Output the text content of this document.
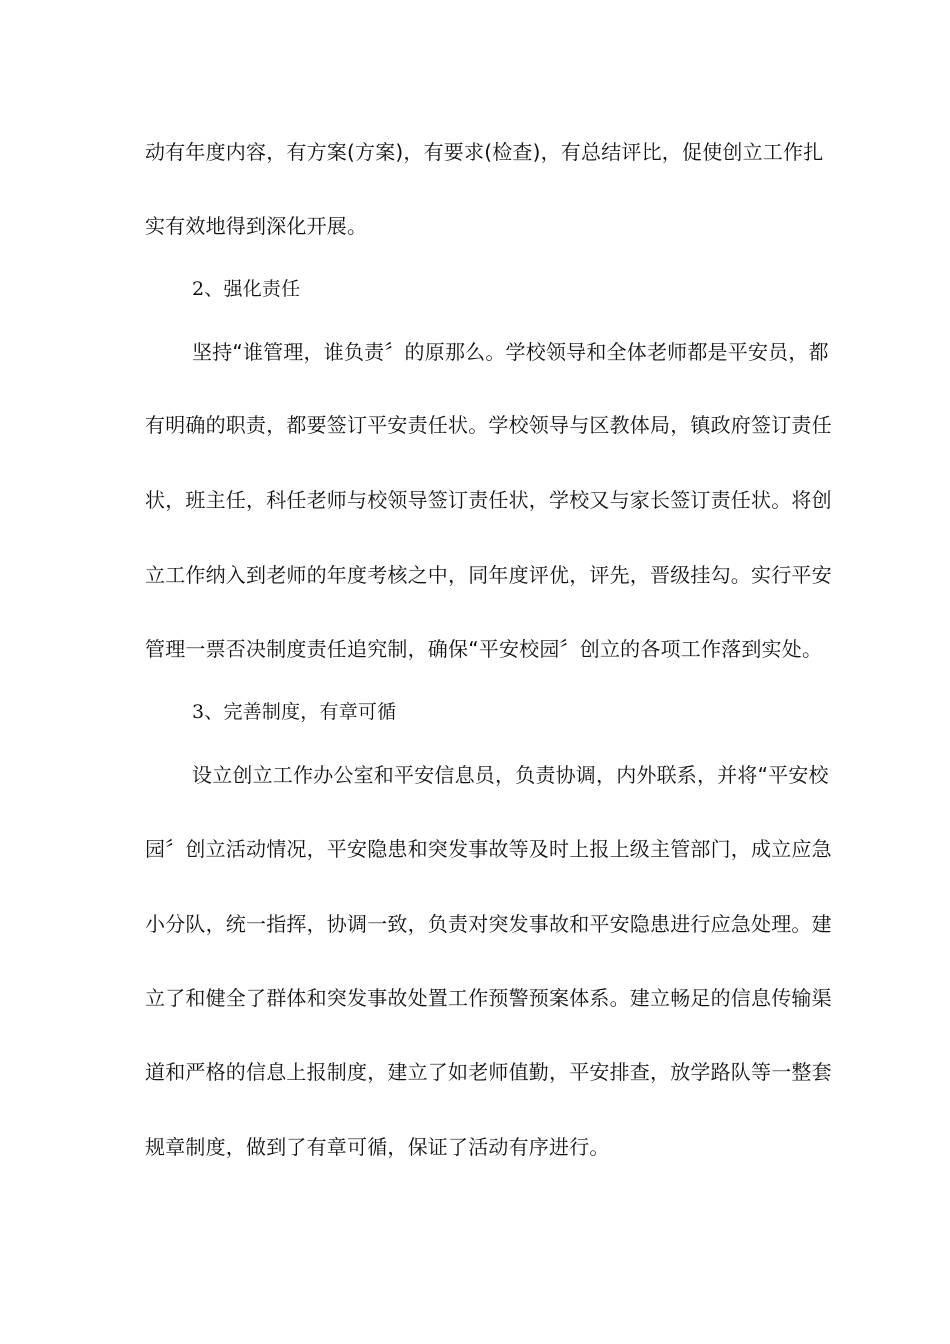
动有年度内容，有方案(方案)，有要求(检查)，有总结评比，促使创立工作扎
实有效地得到深化开展。
2、强化责任
坚持“谁管理，谁负责〞的原那么。学校领导和全体老师都是平安员，都
有明确的职责，都要签订平安责任状。学校领导与区教体局，镇政府签订责任
状，班主任，科任老师与校领导签订责任状，学校又与家长签订责任状。将创
立工作纳入到老师的年度考核之中，同年度评优，评先，晋级挂勾。实行平安
管理一票否决制度责任追究制，确保“平安校园〞创立的各项工作落到实处。
3、完善制度，有章可循
设立创立工作办公室和平安信息员，负责协调，内外联系，并将“平安校
园〞创立活动情况，平安隐患和突发事故等及时上报上级主管部门，成立应急
小分队，统一指挥，协调一致，负责对突发事故和平安隐患进行应急处理。建
立了和健全了群体和突发事故处置工作预警预案体系。建立畅足的信息传输渠
道和严格的信息上报制度，建立了如老师值勤，平安排查，放学路队等一整套
规章制度，做到了有章可循，保证了活动有序进行。
